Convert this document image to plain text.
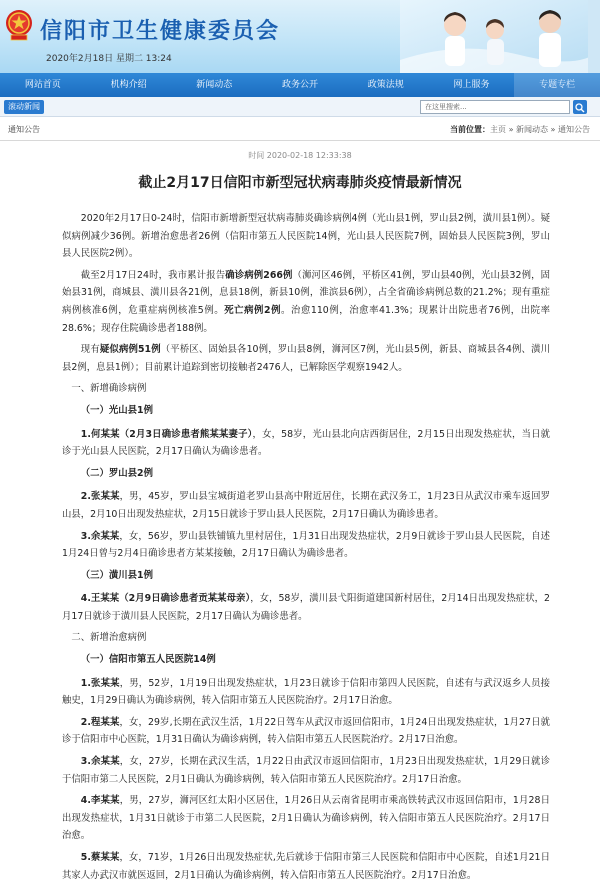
信阳市卫生健康委员会
2020年2月18日 星期二 13:24
网站首页	机构介绍	新闻动态	政务公开	政策法规	网上服务	专题专栏
滚动新闻	在这里搜索...
通知公告	当前位置：主页 » 新闻动态 » 通知公告
时间 2020-02-18 12:33:38
截止2月17日信阳市新型冠状病毒肺炎疫情最新情况

2020年2月17日0-24时，信阳市新增新型冠状病毒肺炎确诊病例4例（光山县1例，罗山县2例，潢川县1例）。疑似病例减少36例。新增治愈患者26例（信阳市第五人民医院14例，光山县人民医院7例，固始县人民医院3例，罗山县人民医院2例）。

截至2月17日24时，我市累计报告确诊病例266例（浉河区46例，平桥区41例，罗山县40例，光山县32例，固始县31例，商城县、潢川县各21例，息县18例，新县10例，淮滨县6例），占全省确诊病例总数的21.2%；现有重症病例核准6例，危重症病例核准5例。死亡病例2例。治愈110例，治愈率41.3%；现累计出院患者76例，出院率28.6%；现存住院确诊患者188例。

现有疑似病例51例（平桥区、固始县各10例，罗山县8例，浉河区7例，光山县5例，新县、商城县各4例、潢川县2例，息县1例）；目前累计追踪到密切接触者2476人，已解除医学观察1942人。

一、新增确诊病例

（一）光山县1例

1.何某某（2月3日确诊患者熊某某妻子），女，58岁，光山县北向店西街居住，2月15日出现发热症状，当日就诊于光山县人民医院，2月17日确认为确诊患者。

（二）罗山县2例

2.张某某，男，45岁，罗山县宝城街道老罗山县高中附近居住，长期在武汉务工，1月23日从武汉市乘车返回罗山县，2月10日出现发热症状，2月15日就诊于罗山县人民医院，2月17日确认为确诊患者。

3.余某某，女，56岁，罗山县铁铺镇九里村居住，1月31日出现发热症状，2月9日就诊于罗山县人民医院，自述1月24日曾与2月4日确诊患者方某某接触，2月17日确认为确诊患者。

（三）潢川县1例

4.王某某（2月9日确诊患者贡某某母亲），女，58岁，潢川县弋阳街道建国新村居住，2月14日出现发热症状，2月17日就诊于潢川县人民医院，2月17日确认为确诊患者。

二、新增治愈病例

（一）信阳市第五人民医院14例

1.张某某，男，52岁，1月19日出现发热症状，1月23日就诊于信阳市第四人民医院，自述有与武汉返乡人员接触史，1月29日确认为确诊病例，转入信阳市第五人民医院治疗。2月17日治愈。

2.程某某，女，29岁,长期在武汉生活，1月22日驾车从武汉市返回信阳市，1月24日出现发热症状，1月27日就诊于信阳市中心医院，1月31日确认为确诊病例，转入信阳市第五人民医院治疗。2月17日治愈。

3.余某某，女，27岁，长期在武汉生活，1月22日由武汉市返回信阳市，1月23日出现发热症状，1月29日就诊于信阳市第二人民医院，2月1日确认为确诊病例，转入信阳市第五人民医院治疗。2月17日治愈。

4.李某某，男，27岁，浉河区红太阳小区居住，1月26日从云南省昆明市乘高铁转武汉市返回信阳市，1月28日出现发热症状，1月31日就诊于市第二人民医院，2月1日确认为确诊病例，转入信阳市第五人民医院治疗。2月17日治愈。

5.蔡某某，女，71岁，1月26日出现发热症状,先后就诊于信阳市第三人民医院和信阳市中心医院，自述1月21日其家人办武汉市就医返回，2月1日确认为确诊病例，转入信阳市第五人民医院治疗。2月17日治愈。
